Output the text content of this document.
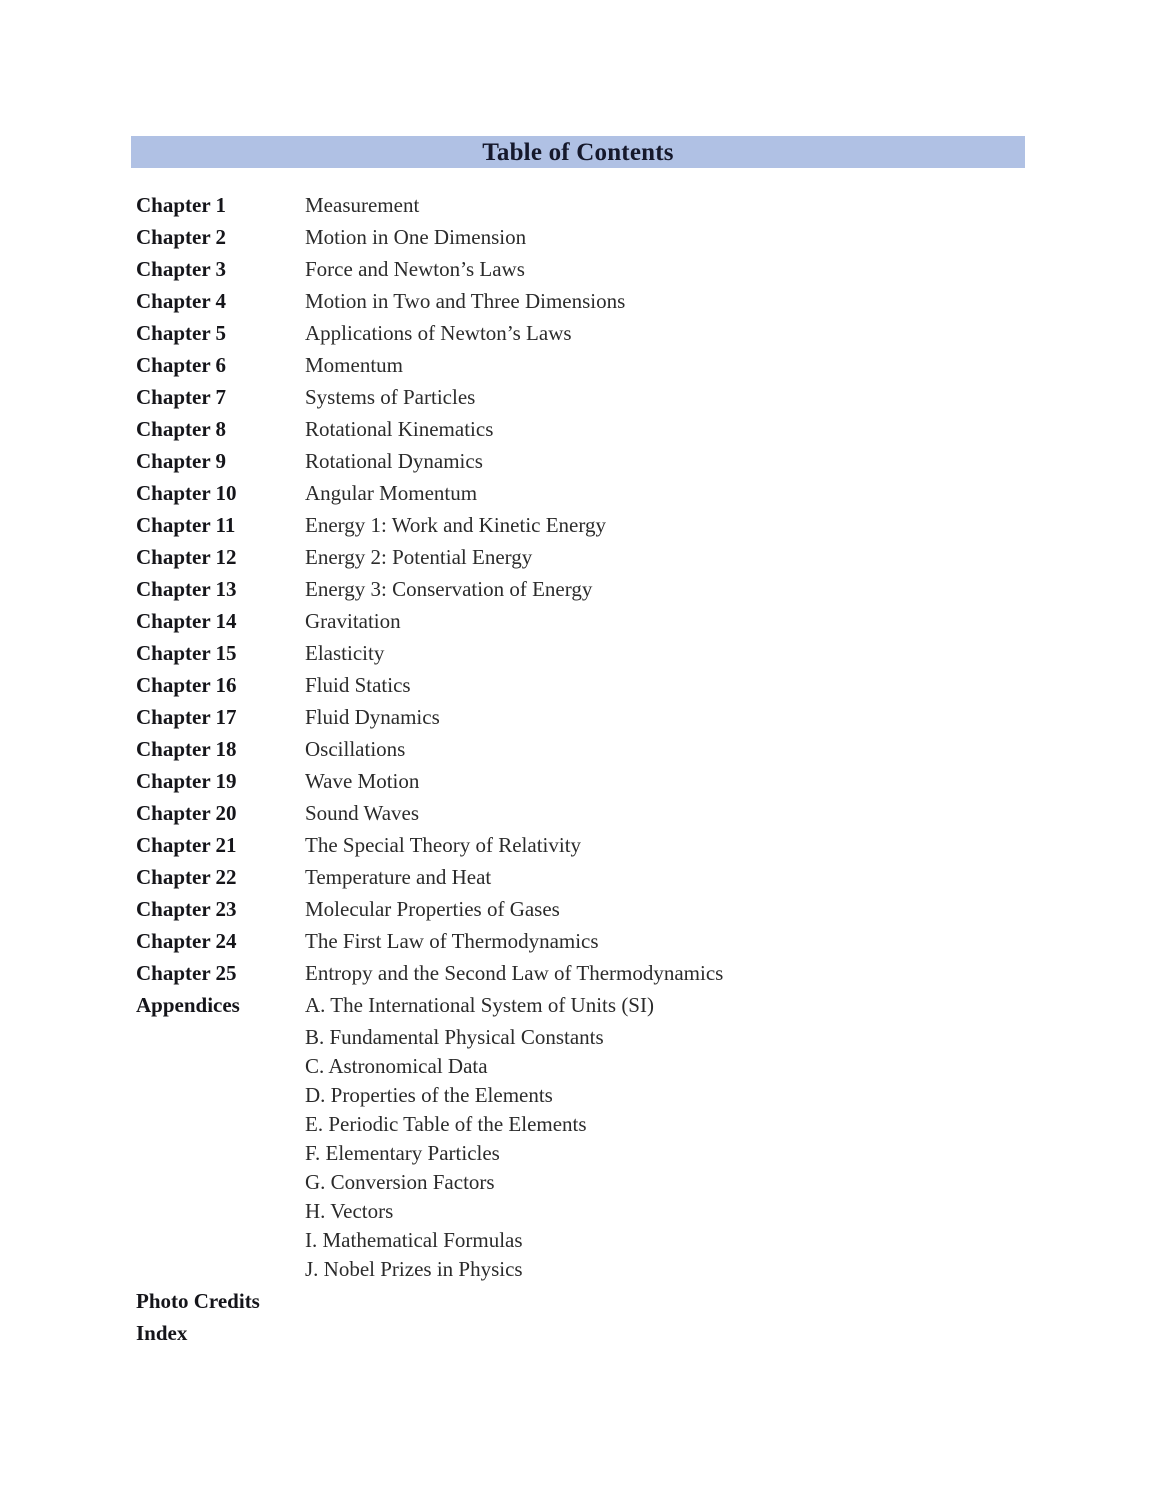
Table of Contents
Chapter 1	Measurement
Chapter 2	Motion in One Dimension
Chapter 3	Force and Newton’s Laws
Chapter 4	Motion in Two and Three Dimensions
Chapter 5	Applications of Newton’s Laws
Chapter 6	Momentum
Chapter 7	Systems of Particles
Chapter 8	Rotational Kinematics
Chapter 9	Rotational Dynamics
Chapter 10	Angular Momentum
Chapter 11	Energy 1: Work and Kinetic Energy
Chapter 12	Energy 2: Potential Energy
Chapter 13	Energy 3: Conservation of Energy
Chapter 14	Gravitation
Chapter 15	Elasticity
Chapter 16	Fluid Statics
Chapter 17	Fluid Dynamics
Chapter 18	Oscillations
Chapter 19	Wave Motion
Chapter 20	Sound Waves
Chapter 21	The Special Theory of Relativity
Chapter 22	Temperature and Heat
Chapter 23	Molecular Properties of Gases
Chapter 24	The First Law of Thermodynamics
Chapter 25	Entropy and the Second Law of Thermodynamics
Appendices	A. The International System of Units (SI)
B. Fundamental Physical Constants
C. Astronomical Data
D. Properties of the Elements
E. Periodic Table of the Elements
F. Elementary Particles
G. Conversion Factors
H. Vectors
I. Mathematical Formulas
J. Nobel Prizes in Physics
Photo Credits
Index
